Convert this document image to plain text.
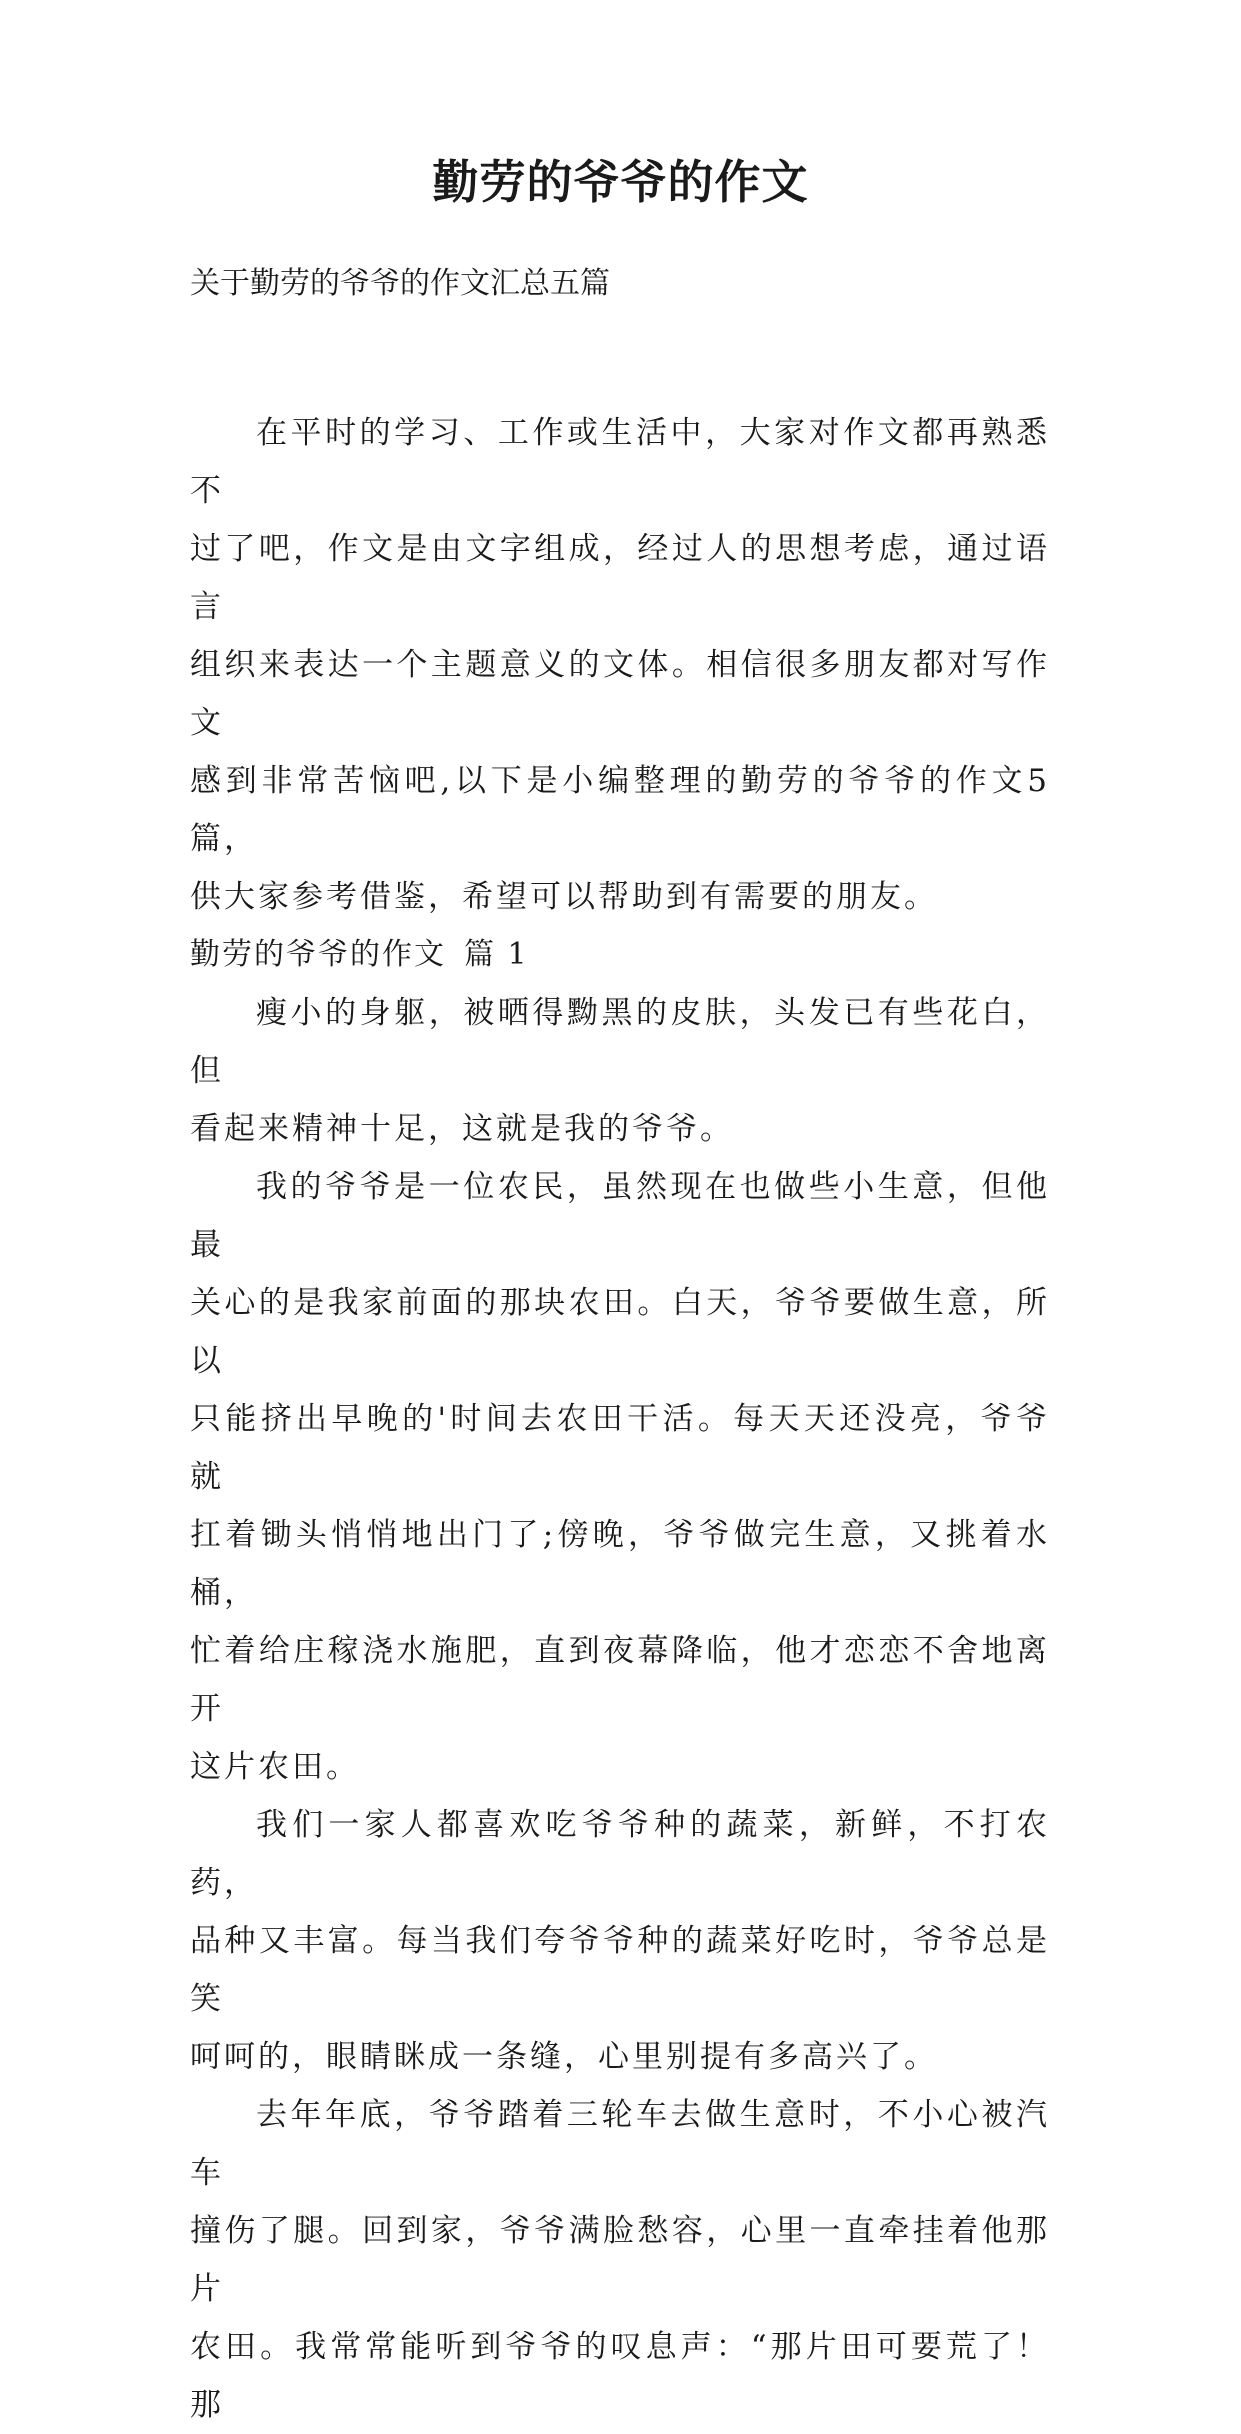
勤劳的爷爷的作文

关于勤劳的爷爷的作文汇总五篇

在平时的学习、工作或生活中，大家对作文都再熟悉不
过了吧，作文是由文字组成，经过人的思想考虑，通过语言
组织来表达一个主题意义的文体。相信很多朋友都对写作文
感到非常苦恼吧,以下是小编整理的勤劳的爷爷的作文5篇，
供大家参考借鉴，希望可以帮助到有需要的朋友。

勤劳的爷爷的作文 篇 1

瘦小的身躯，被晒得黝黑的皮肤，头发已有些花白，但
看起来精神十足，这就是我的爷爷。

我的爷爷是一位农民，虽然现在也做些小生意，但他最
关心的是我家前面的那块农田。白天，爷爷要做生意，所以
只能挤出早晚的'时间去农田干活。每天天还没亮，爷爷就
扛着锄头悄悄地出门了;傍晚，爷爷做完生意，又挑着水桶，
忙着给庄稼浇水施肥，直到夜幕降临，他才恋恋不舍地离开
这片农田。

我们一家人都喜欢吃爷爷种的蔬菜，新鲜，不打农药，
品种又丰富。每当我们夸爷爷种的蔬菜好吃时，爷爷总是笑
呵呵的，眼睛眯成一条缝，心里别提有多高兴了。

去年年底，爷爷踏着三轮车去做生意时，不小心被汽车
撞伤了腿。回到家，爷爷满脸愁容，心里一直牵挂着他那片
农田。我常常能听到爷爷的叹息声：“那片田可要荒了！那
